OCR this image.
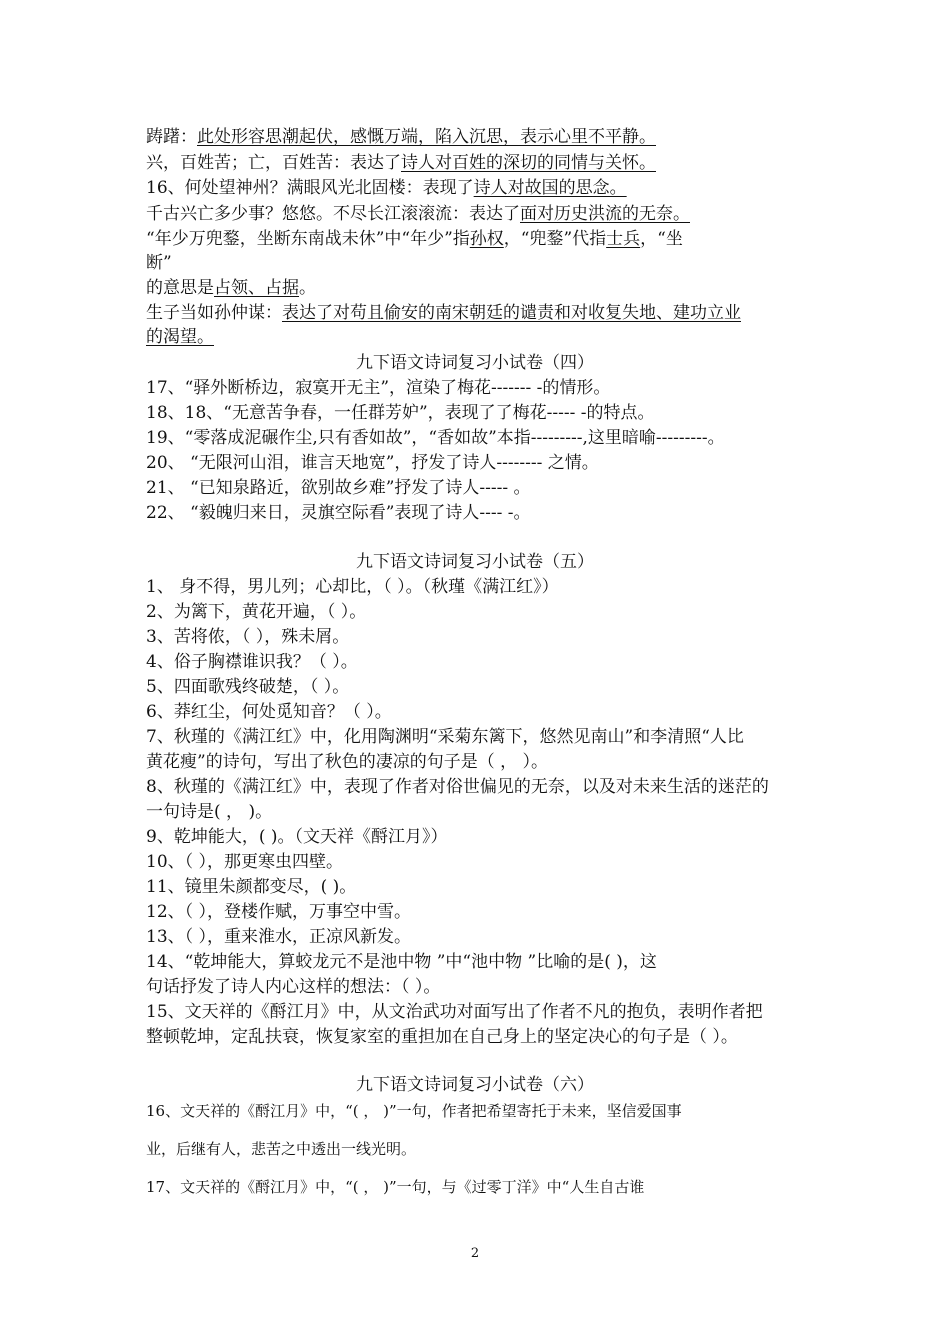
踌躇：此处形容思潮起伏，感慨万端，陷入沉思，表示心里不平静。
兴，百姓苦；亡，百姓苦：表达了诗人对百姓的深切的同情与关怀。
16、何处望神州？满眼风光北固楼：表现了诗人对故国的思念。
千古兴亡多少事？悠悠。不尽长江滚滚流：表达了面对历史洪流的无奈。
“年少万兜鍪，坐断东南战未休”中“年少”指孙权，“兜鍪”代指士兵，“坐
断”
的意思是占领、占据。
生子当如孙仲谋：表达了对苟且偷安的南宋朝廷的谴责和对收复失地、建功立业
的渴望。
九下语文诗词复习小试卷（四）
17、“驿外断桥边，寂寞开无主”，渲染了梅花------- -的情形。
18、18、“无意苦争春，一任群芳妒”，表现了了梅花----- -的特点。
19、“零落成泥碾作尘,只有香如故”，“香如故”本指---------,这里暗喻---------。
20、 “无限河山泪，谁言天地宽”，抒发了诗人-------- 之情。
21、 “已知泉路近，欲别故乡难”抒发了诗人----- 。
22、 “毅魄归来日，灵旗空际看”表现了诗人---- -。
九下语文诗词复习小试卷（五）
1、 身不得，男儿列；心却比，（ ）。（秋瑾《满江红》）
2、为篱下，黄花开遍，（ ）。
3、苦将侬，（ ），殊未屑。
4、俗子胸襟谁识我？（ ）。
5、四面歌残终破楚，（ ）。
6、莽红尘，何处觅知音？（ ）。
7、秋瑾的《满江红》中，化用陶渊明“采菊东篱下，悠然见南山”和李清照“人比
黄花瘦”的诗句，写出了秋色的凄凉的句子是（ ， ）。
8、秋瑾的《满江红》中，表现了作者对俗世偏见的无奈，以及对未来生活的迷茫的
一句诗是( ， )。
9、乾坤能大，( )。（文天祥《酹江月》）
10、（ ），那更寒虫四壁。
11、镜里朱颜都变尽，( )。
12、（ ），登楼作赋，万事空中雪。
13、（ ），重来淮水，正凉风新发。
14、“乾坤能大，算蛟龙元不是池中物 ”中“池中物 ”比喻的是( )，这
句话抒发了诗人内心这样的想法：（ ）。
15、文天祥的《酹江月》中，从文治武功对面写出了作者不凡的抱负，表明作者把
整顿乾坤，定乱扶衰，恢复家室的重担加在自己身上的坚定决心的句子是（ ）。
九下语文诗词复习小试卷（六）
16、文天祥的《酹江月》中，“( ， )”一句，作者把希望寄托于未来，坚信爱国事
业，后继有人，悲苦之中透出一线光明。
17、文天祥的《酹江月》中，“( ， )”一句，与《过零丁洋》中“人生自古谁
2
